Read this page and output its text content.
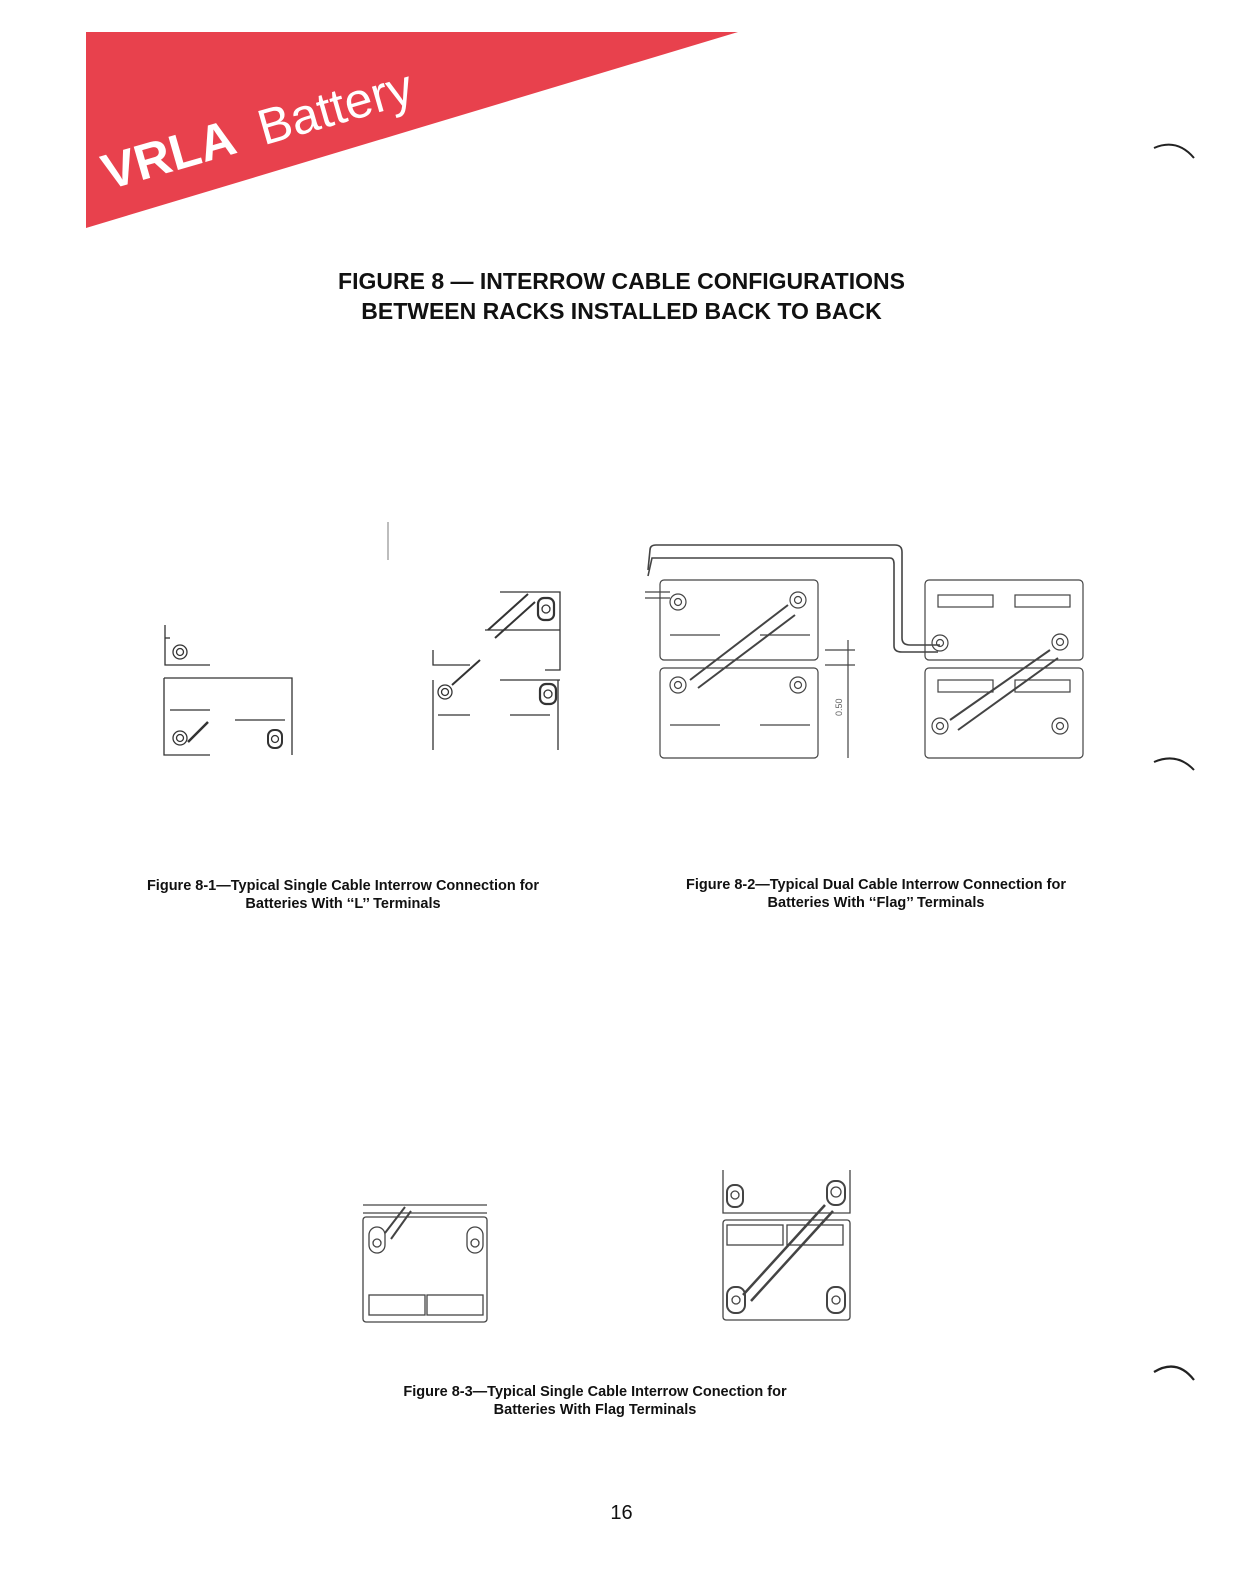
VRLA Battery
FIGURE 8 — INTERROW CABLE CONFIGURATIONS
BETWEEN RACKS INSTALLED BACK TO BACK
Figure 8-1—Typical Single Cable Interrow Connection for
Batteries With ‘‘L’’ Terminals
0.50
Figure 8-2—Typical Dual Cable Interrow Connection for
Batteries With ‘‘Flag’’ Terminals
Figure 8-3—Typical Single Cable Interrow Conection for
Batteries With Flag Terminals
16
